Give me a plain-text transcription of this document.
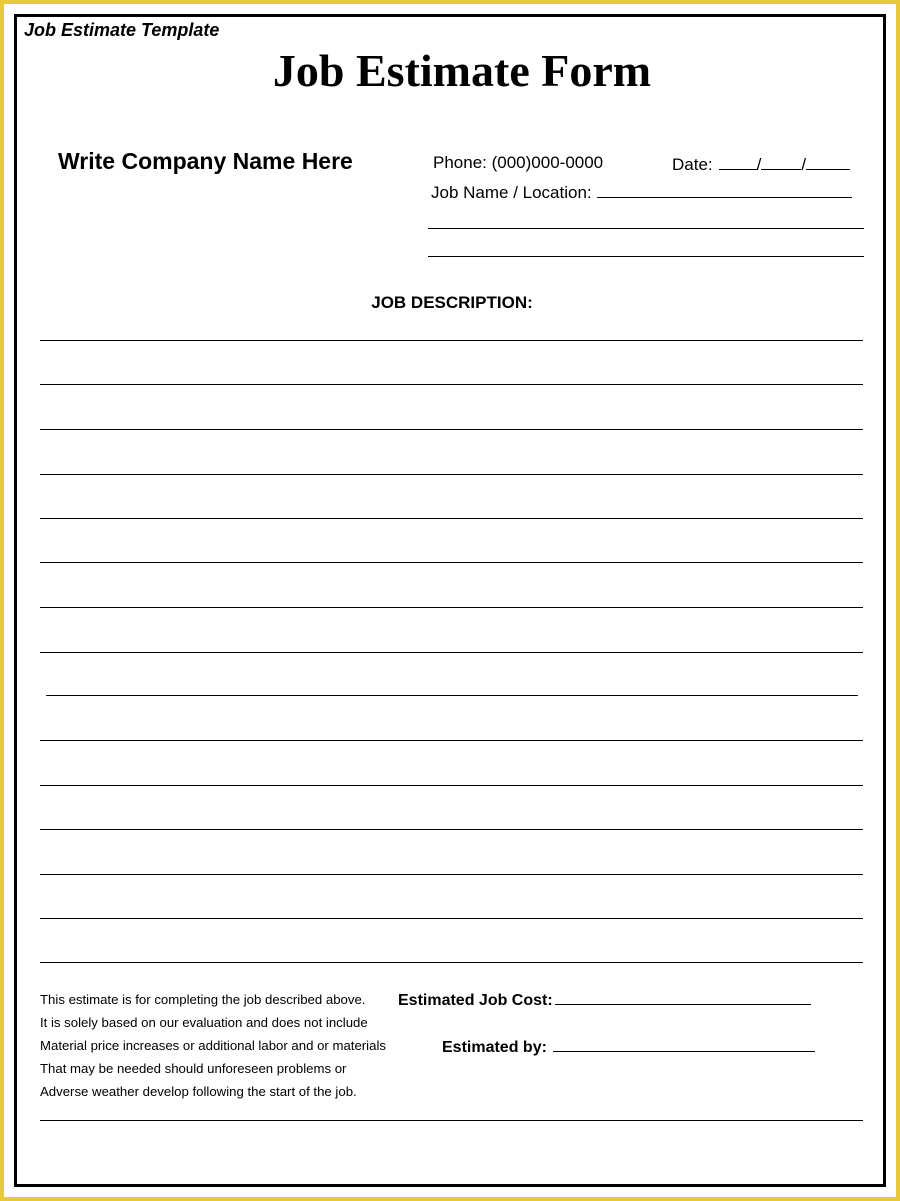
Job Estimate Template
Job Estimate Form
Write Company Name Here	Phone: (000)000-0000	Date:	/ /
Job Name / Location:
JOB DESCRIPTION:
This estimate is for completing the job described above.
It is solely based on our evaluation and does not include
Material price increases or additional labor and or materials
That may be needed should unforeseen problems or
Adverse weather develop following the start of the job.
Estimated Job Cost:
Estimated by:
